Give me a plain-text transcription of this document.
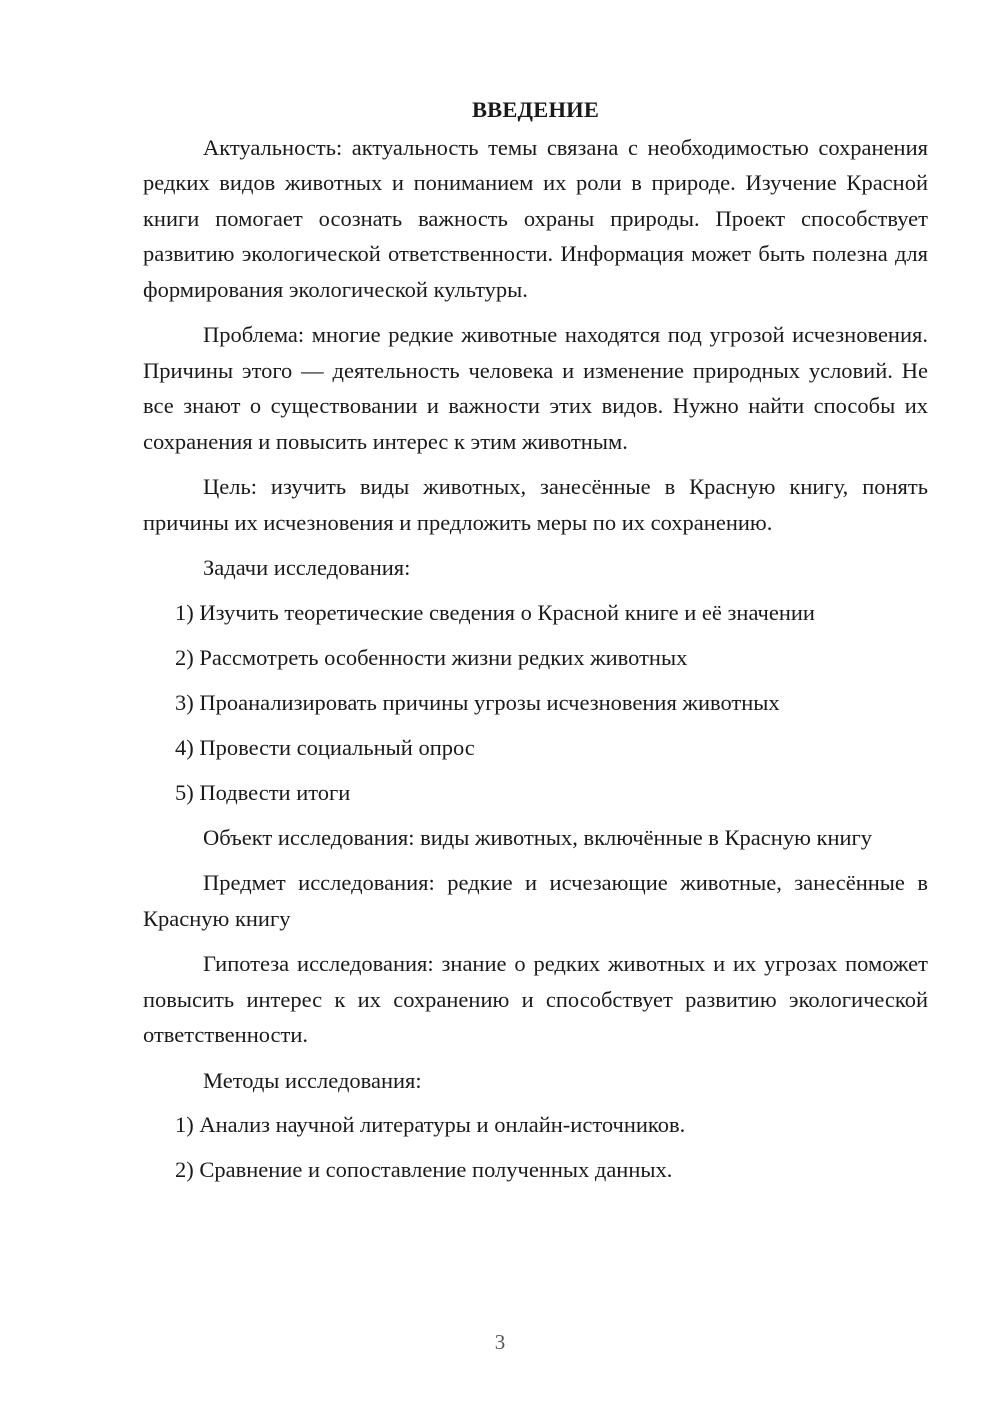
ВВЕДЕНИЕ

Актуальность: актуальность темы связана с необходимостью сохранения редких видов животных и пониманием их роли в природе. Изучение Красной книги помогает осознать важность охраны природы. Проект способствует развитию экологической ответственности. Информация может быть полезна для формирования экологической культуры.

Проблема: многие редкие животные находятся под угрозой исчезновения. Причины этого — деятельность человека и изменение природных условий. Не все знают о существовании и важности этих видов. Нужно найти способы их сохранения и повысить интерес к этим животным.

Цель: изучить виды животных, занесённые в Красную книгу, понять причины их исчезновения и предложить меры по их сохранению.

Задачи исследования:

1) Изучить теоретические сведения о Красной книге и её значении

2) Рассмотреть особенности жизни редких животных

3) Проанализировать причины угрозы исчезновения животных

4) Провести социальный опрос

5) Подвести итоги

Объект исследования: виды животных, включённые в Красную книгу

Предмет исследования: редкие и исчезающие животные, занесённые в Красную книгу

Гипотеза исследования: знание о редких животных и их угрозах поможет повысить интерес к их сохранению и способствует развитию экологической ответственности.

Методы исследования:

1) Анализ научной литературы и онлайн-источников.

2) Сравнение и сопоставление полученных данных.

3
